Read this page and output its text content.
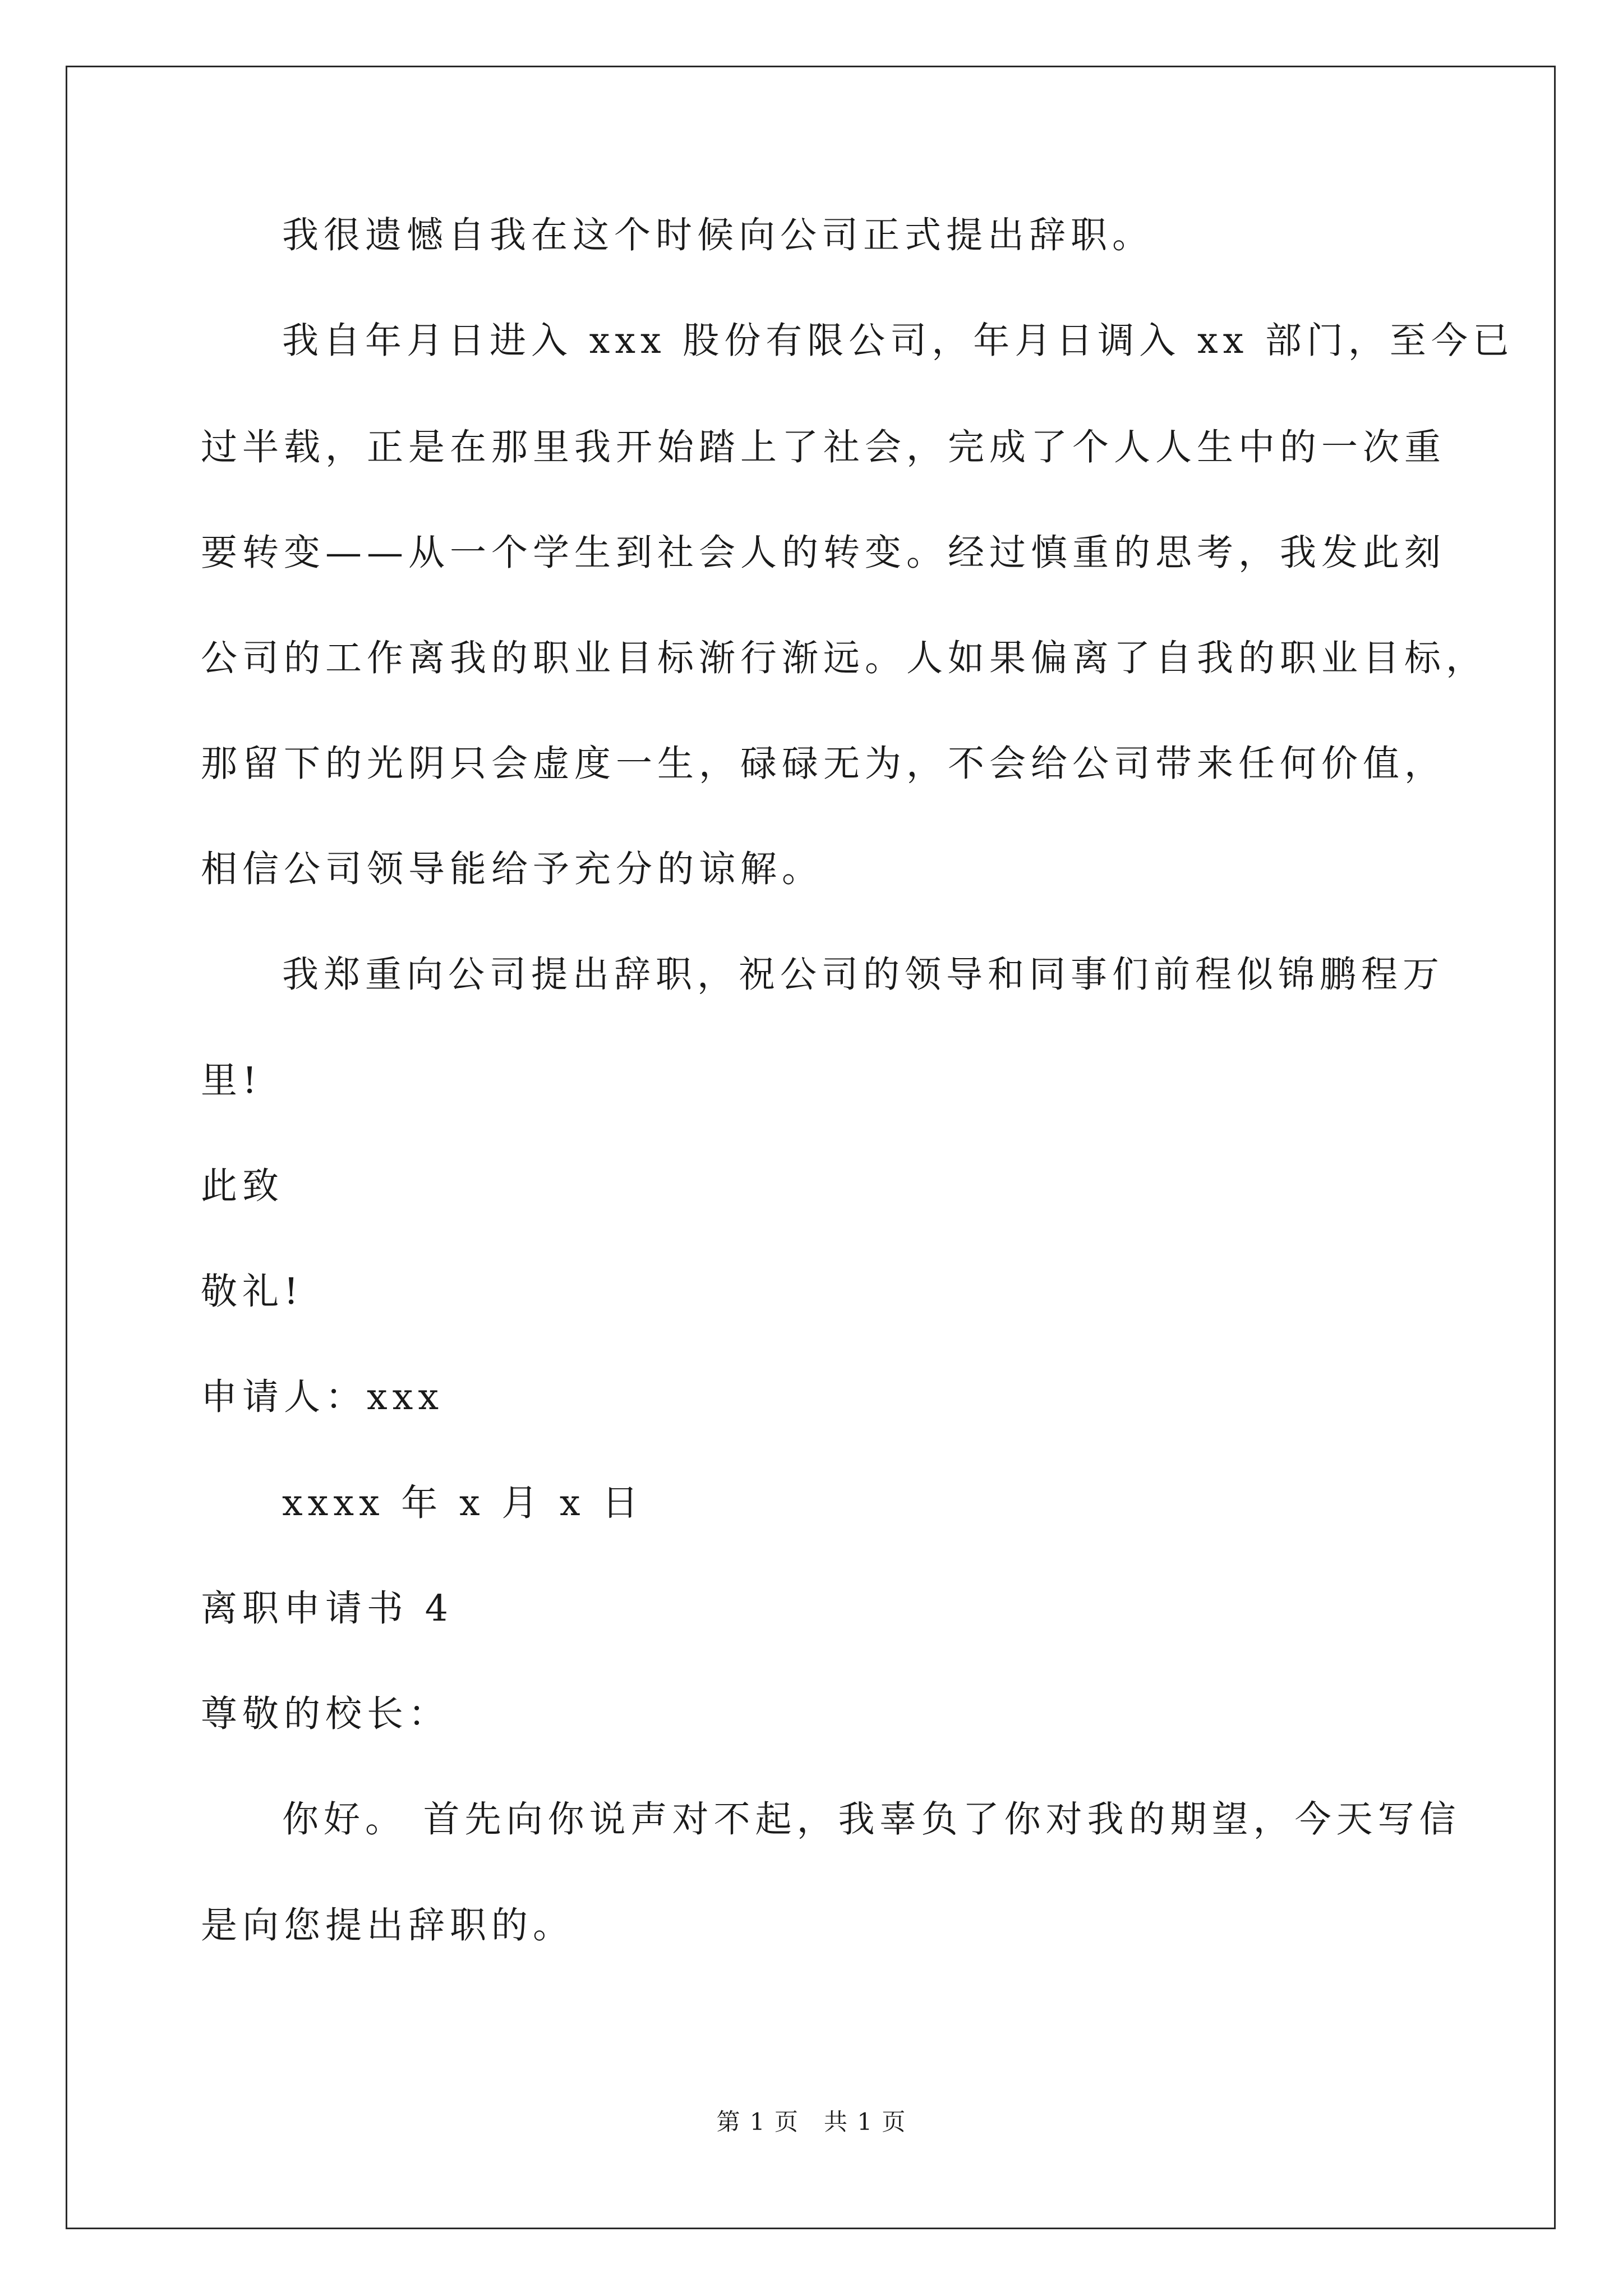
我很遗憾自我在这个时候向公司正式提出辞职。
我自年月日进入 xxx 股份有限公司，年月日调入 xx 部门，至今已
过半载，正是在那里我开始踏上了社会，完成了个人人生中的一次重
要转变——从一个学生到社会人的转变。经过慎重的思考，我发此刻
公司的工作离我的职业目标渐行渐远。人如果偏离了自我的职业目标，
那留下的光阴只会虚度一生，碌碌无为，不会给公司带来任何价值，
相信公司领导能给予充分的谅解。
我郑重向公司提出辞职，祝公司的领导和同事们前程似锦鹏程万
里!
此致
敬礼!
申请人：xxx
xxxx 年 x 月 x 日
离职申请书 4
尊敬的校长：
你好。 首先向你说声对不起，我辜负了你对我的期望，今天写信
是向您提出辞职的。
第 1 页 共 1 页
